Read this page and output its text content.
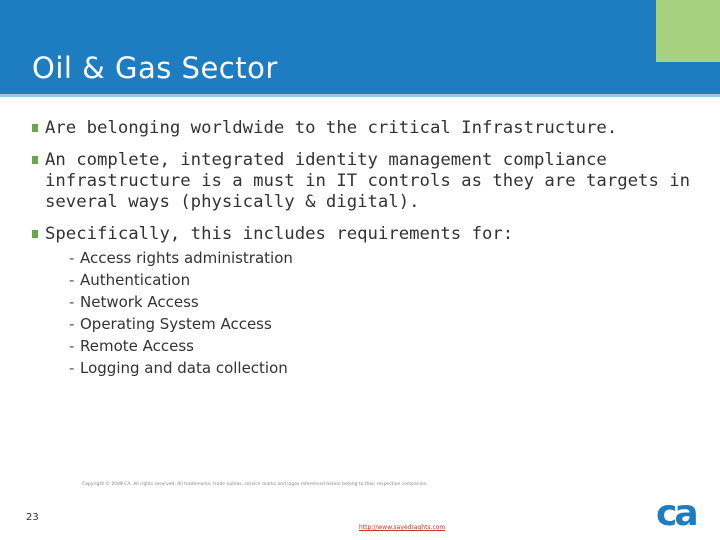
Oil & Gas Sector
Are belonging worldwide to the critical Infrastructure.
An complete, integrated identity management compliance infrastructure is a must in IT controls as they are targets in several ways (physically & digital).
Specifically, this includes requirements for:
- Access rights administration
- Authentication
- Network Access
- Operating System Access
- Remote Access
- Logging and data collection
23
Copyright © 2008 CA. All rights reserved. All trademarks, trade names, service marks and logos referenced herein belong to their respective companies.
http://www.sayedraghts.com	ca
